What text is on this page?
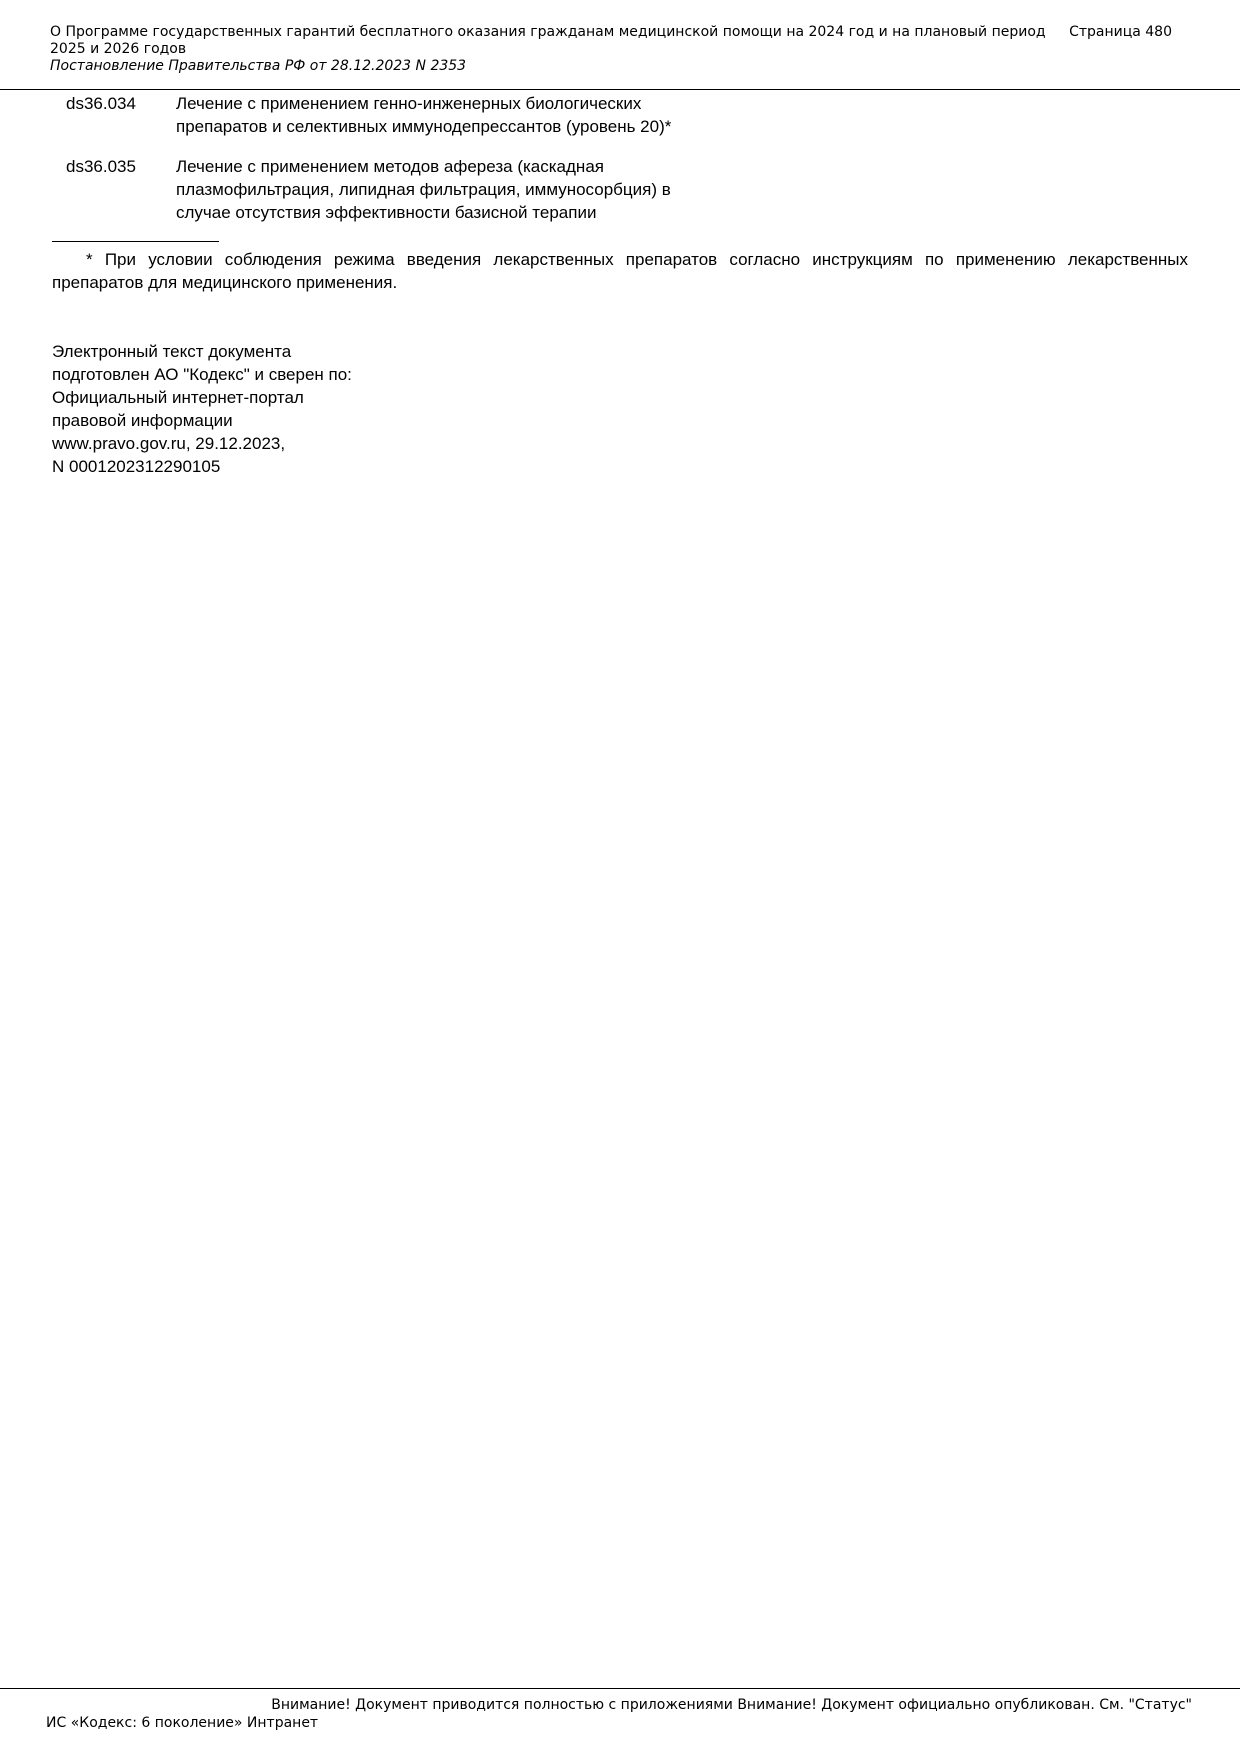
О Программе государственных гарантий бесплатного оказания гражданам медицинской помощи на 2024 год и на плановый период 2025 и 2026 годов
Страница 480
Постановление Правительства РФ от 28.12.2023 N 2353
ds36.034	Лечение с применением генно-инженерных биологических
препаратов и селективных иммунодепрессантов (уровень 20)*
ds36.035	Лечение с применением методов афереза (каскадная
плазмофильтрация, липидная фильтрация, иммуносорбция) в
случае отсутствия эффективности базисной терапии
* При условии соблюдения режима введения лекарственных препаратов согласно инструкциям по применению лекарственных препаратов для медицинского применения.
Электронный текст документа
подготовлен АО "Кодекс" и сверен по:
Официальный интернет-портал
правовой информации
www.pravo.gov.ru, 29.12.2023,
N 0001202312290105
Внимание! Документ приводится полностью с приложениями Внимание! Документ официально опубликован. См. "Статус"
ИС «Кодекс: 6 поколение» Интранет
